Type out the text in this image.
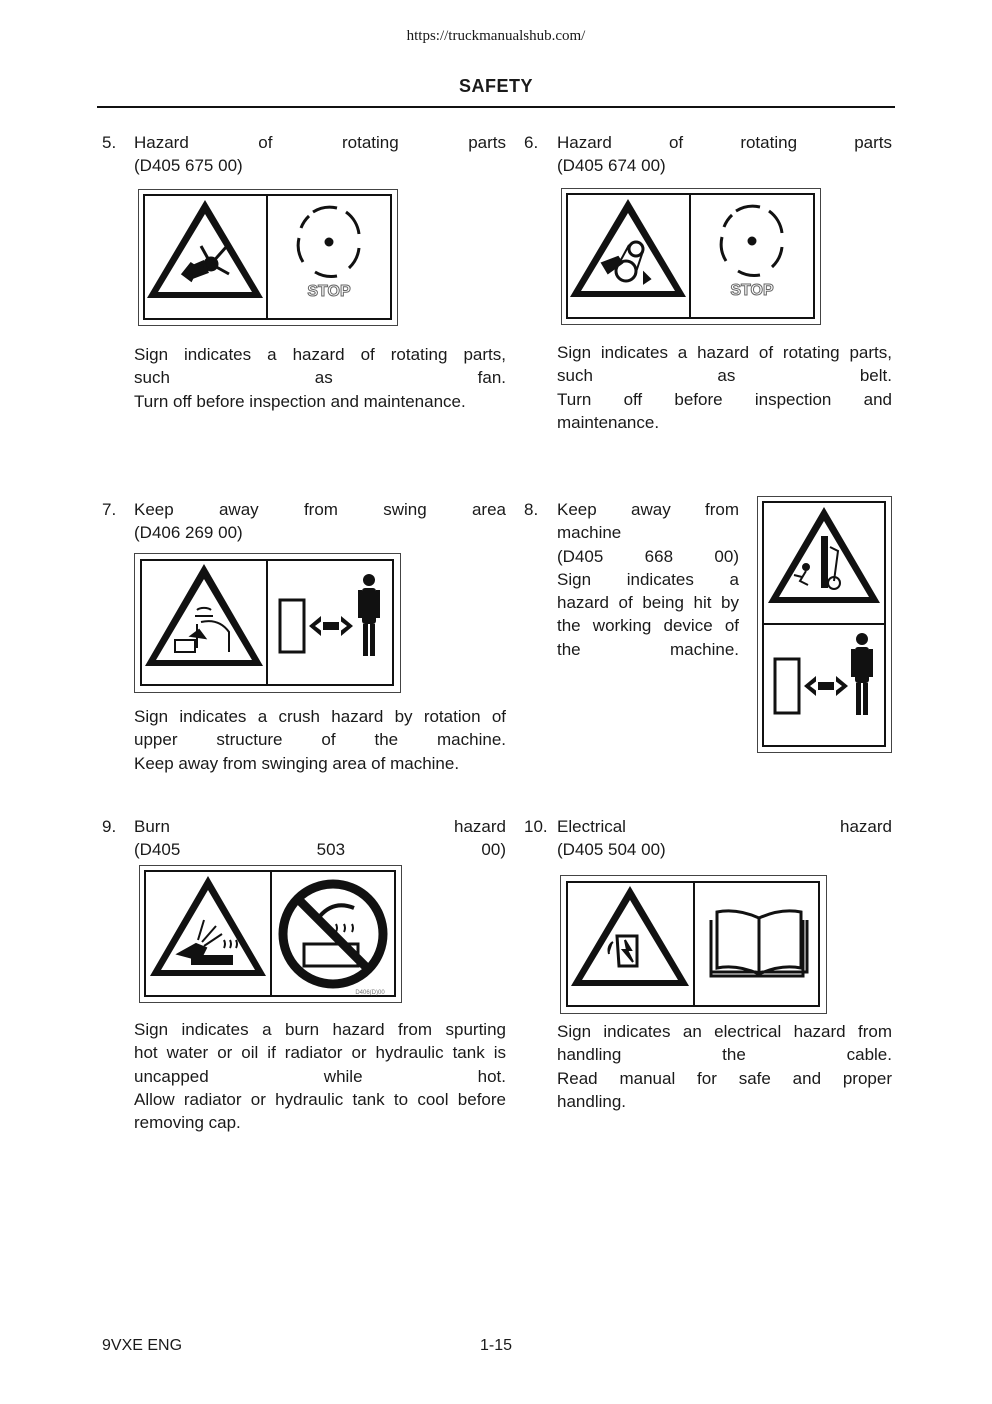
https://truckmanualshub.com/
SAFETY
5. Hazard of rotating parts
(D405 675 00)
STOP
Sign indicates a hazard of rotating parts,
such as fan.
Turn off before inspection and maintenance.
6. Hazard of rotating parts
(D405 674 00)
STOP
Sign indicates a hazard of rotating parts,
such as belt.
Turn off before inspection and
maintenance.
7. Keep away from swing area
(D406 269 00)
Sign indicates a crush hazard by rotation of
upper structure of the machine.
Keep away from swinging area of machine.
8. Keep away from
machine
(D405 668 00)
Sign indicates a
hazard of being hit by
the working device of
the machine.
9. Burn hazard
(D405 503 00)
D406(D)00
Sign indicates a burn hazard from spurting
hot water or oil if radiator or hydraulic tank is
uncapped while hot.
Allow radiator or hydraulic tank to cool before
removing cap.
10. Electrical hazard
(D405 504 00)
Sign indicates an electrical hazard from
handling the cable.
Read manual for safe and proper
handling.
9VXE ENG	1-15
